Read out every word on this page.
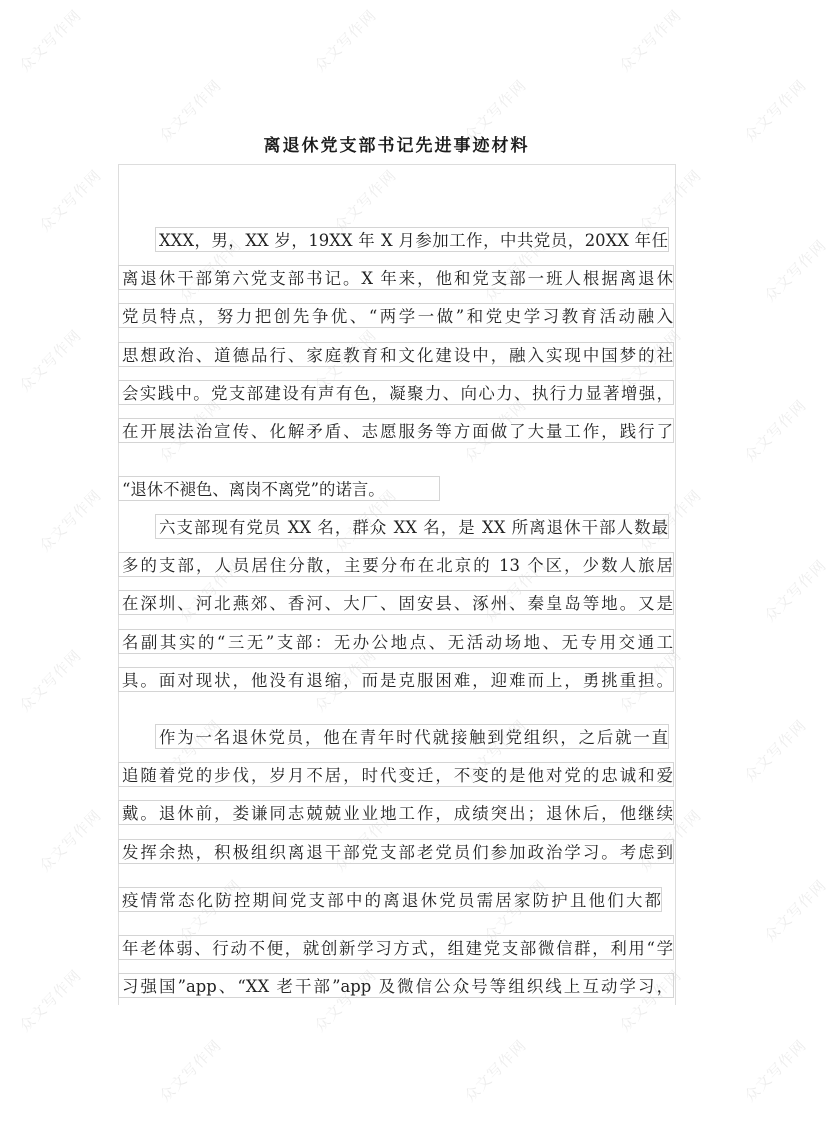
众文写作网
众文写作网
众文写作网
众文写作网
众文写作网
众文写作网
众文写作网
众文写作网
众文写作网
众文写作网
众文写作网
众文写作网
众文写作网
众文写作网
众文写作网
众文写作网
众文写作网
众文写作网
众文写作网
众文写作网
众文写作网
众文写作网
众文写作网
众文写作网
众文写作网
众文写作网
众文写作网
众文写作网
众文写作网
众文写作网
众文写作网
众文写作网
众文写作网
众文写作网
众文写作网
众文写作网
众文写作网
众文写作网
众文写作网
众文写作网
众文写作网
众文写作网
离退休党支部书记先进事迹材料
XXX，男，XX 岁，19XX 年 X 月参加工作，中共党员，20XX 年任
离退休干部第六党支部书记。X 年来，他和党支部一班人根据离退休
党员特点，努力把创先争优、“两学一做”和党史学习教育活动融入
思想政治、道德品行、家庭教育和文化建设中，融入实现中国梦的社
会实践中。党支部建设有声有色，凝聚力、向心力、执行力显著增强，
在开展法治宣传、化解矛盾、志愿服务等方面做了大量工作，践行了
“退休不褪色、离岗不离党”的诺言。
六支部现有党员 XX 名，群众 XX 名，是 XX 所离退休干部人数最
多的支部，人员居住分散，主要分布在北京的 13 个区，少数人旅居
在深圳、河北燕郊、香河、大厂、固安县、涿州、秦皇岛等地。又是
名副其实的“三无”支部：无办公地点、无活动场地、无专用交通工
具。面对现状，他没有退缩，而是克服困难，迎难而上，勇挑重担。
作为一名退休党员，他在青年时代就接触到党组织，之后就一直
追随着党的步伐，岁月不居，时代变迁，不变的是他对党的忠诚和爱
戴。退休前，娄谦同志兢兢业业地工作，成绩突出；退休后，他继续
发挥余热，积极组织离退干部党支部老党员们参加政治学习。考虑到
疫情常态化防控期间党支部中的离退休党员需居家防护且他们大都
年老体弱、行动不便，就创新学习方式，组建党支部微信群，利用“学
习强国”app、“XX 老干部”app 及微信公众号等组织线上互动学习，
